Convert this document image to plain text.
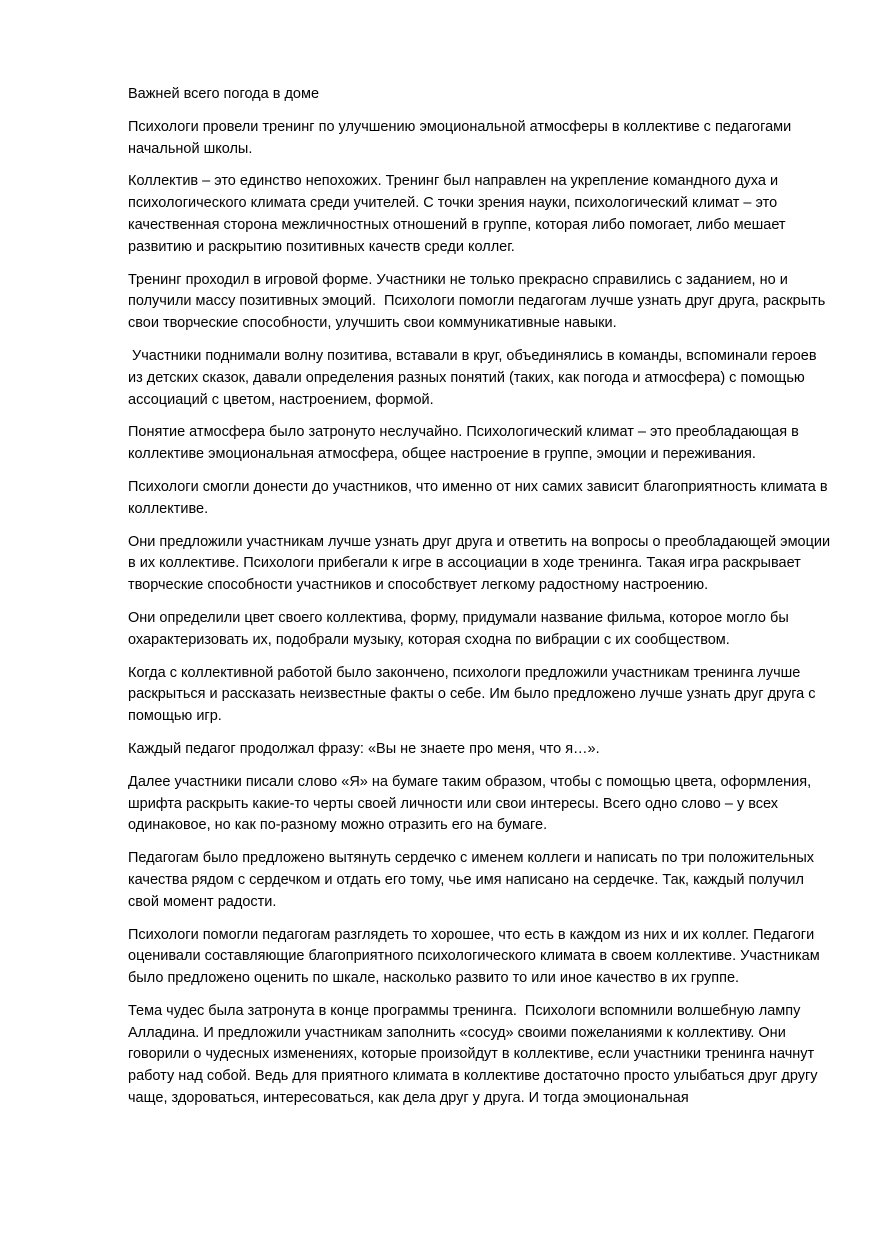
Важней всего погода в доме

Психологи провели тренинг по улучшению эмоциональной атмосферы в коллективе с педагогами начальной школы.

Коллектив – это единство непохожих. Тренинг был направлен на укрепление командного духа и психологического климата среди учителей. С точки зрения науки, психологический климат – это качественная сторона межличностных отношений в группе, которая либо помогает, либо мешает развитию и раскрытию позитивных качеств среди коллег.

Тренинг проходил в игровой форме. Участники не только прекрасно справились с заданием, но и получили массу позитивных эмоций.  Психологи помогли педагогам лучше узнать друг друга, раскрыть свои творческие способности, улучшить свои коммуникативные навыки.

Участники поднимали волну позитива, вставали в круг, объединялись в команды, вспоминали героев из детских сказок, давали определения разных понятий (таких, как погода и атмосфера) с помощью ассоциаций с цветом, настроением, формой.

Понятие атмосфера было затронуто неслучайно. Психологический климат – это преобладающая в коллективе эмоциональная атмосфера, общее настроение в группе, эмоции и переживания.

Психологи смогли донести до участников, что именно от них самих зависит благоприятность климата в коллективе.

Они предложили участникам лучше узнать друг друга и ответить на вопросы о преобладающей эмоции в их коллективе. Психологи прибегали к игре в ассоциации в ходе тренинга. Такая игра раскрывает творческие способности участников и способствует легкому радостному настроению.

Они определили цвет своего коллектива, форму, придумали название фильма, которое могло бы охарактеризовать их, подобрали музыку, которая сходна по вибрации с их сообществом.

Когда с коллективной работой было закончено, психологи предложили участникам тренинга лучше раскрыться и рассказать неизвестные факты о себе. Им было предложено лучше узнать друг друга с помощью игр.

Каждый педагог продолжал фразу: «Вы не знаете про меня, что я…».

Далее участники писали слово «Я» на бумаге таким образом, чтобы с помощью цвета, оформления, шрифта раскрыть какие-то черты своей личности или свои интересы. Всего одно слово – у всех одинаковое, но как по-разному можно отразить его на бумаге.

Педагогам было предложено вытянуть сердечко с именем коллеги и написать по три положительных качества рядом с сердечком и отдать его тому, чье имя написано на сердечке. Так, каждый получил свой момент радости.

Психологи помогли педагогам разглядеть то хорошее, что есть в каждом из них и их коллег. Педагоги оценивали составляющие благоприятного психологического климата в своем коллективе. Участникам было предложено оценить по шкале, насколько развито то или иное качество в их группе.

Тема чудес была затронута в конце программы тренинга.  Психологи вспомнили волшебную лампу Алладина. И предложили участникам заполнить «сосуд» своими пожеланиями к коллективу. Они говорили о чудесных изменениях, которые произойдут в коллективе, если участники тренинга начнут работу над собой. Ведь для приятного климата в коллективе достаточно просто улыбаться друг другу чаще, здороваться, интересоваться, как дела друг у друга. И тогда эмоциональная
